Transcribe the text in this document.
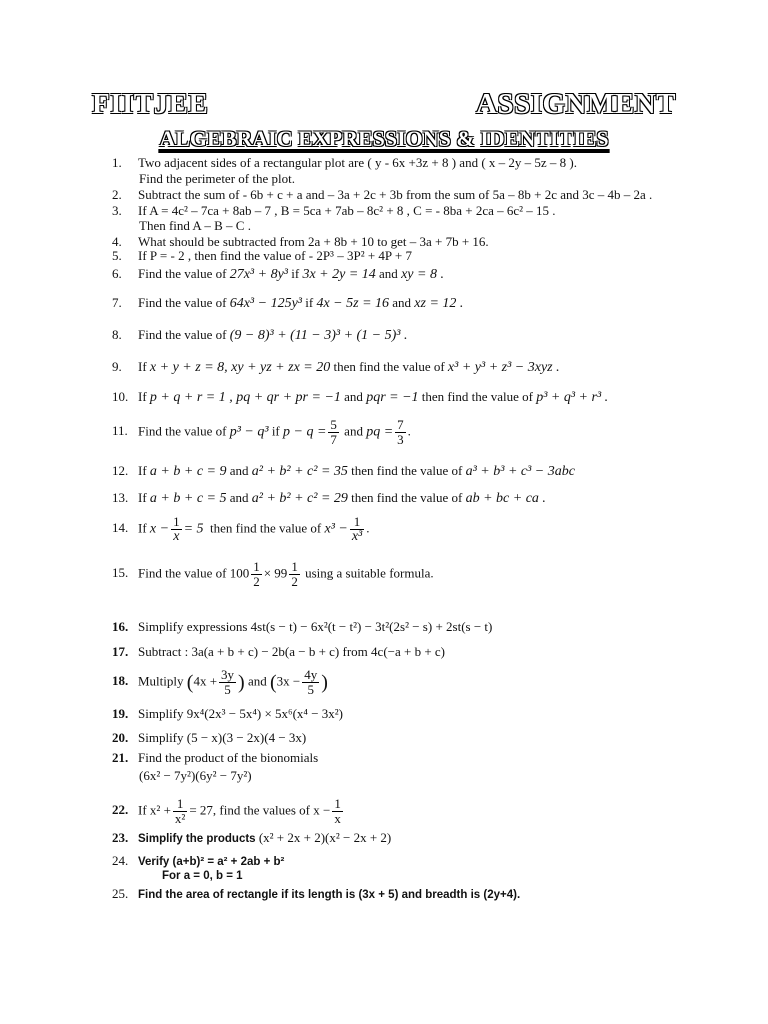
FIITJEE	ASSIGNMENT
ALGEBRAIC EXPRESSIONS & IDENTITIES
1. Two adjacent sides of a rectangular plot are ( y - 6x +3z + 8 ) and ( x – 2y – 5z – 8 ).
Find the perimeter of the plot.
2. Subtract the sum of - 6b + c + a and – 3a + 2c + 3b from the sum of 5a – 8b + 2c and 3c – 4b – 2a .
3. If A = 4c² – 7ca + 8ab – 7 , B = 5ca + 7ab – 8c² + 8 , C = - 8ba + 2ca – 6c² – 15 .
Then find A – B – C .
4. What should be subtracted from 2a + 8b + 10 to get – 3a + 7b + 16.
5. If P = - 2 , then find the value of - 2P³ – 3P² + 4P + 7
6. Find the value of 27x³ + 8y³ if 3x + 2y = 14 and xy = 8 .
7. Find the value of 64x³ − 125y³ if 4x − 5z = 16 and xz = 12 .
8. Find the value of (9 − 8)³ + (11 − 3)³ + (1 − 5)³ .
9. If x + y + z = 8, xy + yz + zx = 20 then find the value of x³ + y³ + z³ − 3xyz .
10. If p + q + r = 1 , pq + qr + pr = −1 and pqr = −1 then find the value of p³ + q³ + r³ .
11. Find the value of p³ − q³ if $p - q = \frac{5}{7}$ and pq = $\frac{7}{3}$ .
12. If a + b + c = 9 and a² + b² + c² = 35 then find the value of a³ + b³ + c³ − 3abc
13. If a + b + c = 5 and a² + b² + c² = 29 then find the value of ab + bc + ca .
14. If $x - \frac{1}{x} = 5$ then find the value of $x^3 - \frac{1}{\text{x³}}$ .
15. Find the value of $100 \frac{1}{2} \times 99 \frac{1}{2}$ using a suitable formula.
16. Simplify expressions 4st(s − t) − 6x²(t − t²) − 3t²(2s² − s) + 2st(s − t)
17. Subtract : 3a(a + b + c) − 2b(a − b + c) from 4c(−a + b + c)
18. Multiply ($4x + \frac{3y}{5}$ ) and ($3x - \frac{4y}{5}$ )
19. Simplify 9x⁴(2x³ − 5x⁴) × 5x⁶(x⁴ − 3x²)
20. Simplify (5 − x)(3 − 2x)(4 − 3x)
21. Find the product of the bionomials
(6x² − 7y²)(6y² − 7y²)
22. If $x^2 + \frac{1}{\text{x²}} = 27$, find the values of $x - \frac{1}{x}$
23. Simplify the products (x² + 2x + 2)(x² − 2x + 2)
24. Verify (a+b)² = a² + 2ab + b²
For a = 0, b = 1
25. Find the area of rectangle if its length is (3x + 5) and breadth is (2y+4).
